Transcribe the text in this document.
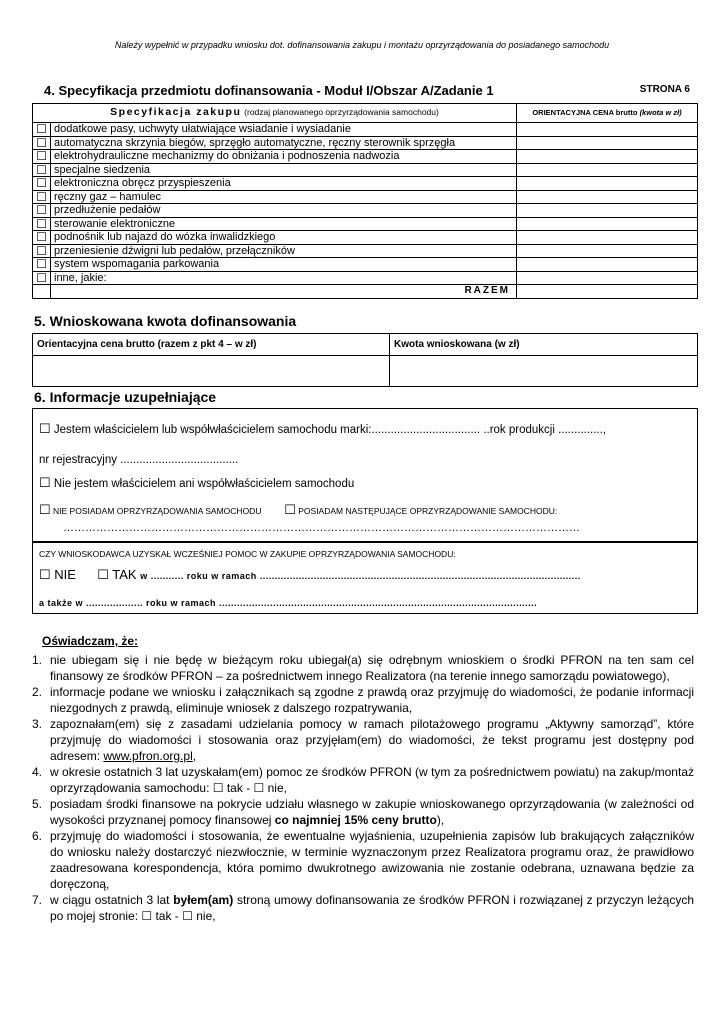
Należy wypełnić w przypadku wniosku dot. dofinansowania zakupu i montażu oprzyrządowania do posiadanego samochodu
4. Specyfikacja przedmiotu dofinansowania - Moduł I/Obszar A/Zadanie 1	STRONA 6
Specyfikacja zakupu (rodzaj planowanego oprzyrządowania samochodu)		ORIENTACYJNA CENA brutto (kwota w zł)
☐	dodatkowe pasy, uchwyty ułatwiające wsiadanie i wysiadanie	
☐	automatyczna skrzynia biegów, sprzęgło automatyczne, ręczny sterownik sprzęgła	
☐	elektrohydrauliczne mechanizmy do obniżania i podnoszenia nadwozia	
☐	specjalne siedzenia	
☐	elektroniczna obręcz przyspieszenia	
☐	ręczny gaz – hamulec	
☐	przedłużenie pedałów	
☐	sterowanie elektroniczne	
☐	podnośnik lub najazd do wózka inwalidzkiego	
☐	przeniesienie dźwigni lub pedałów, przełączników	
☐	system wspomagania parkowania	
☐	inne, jakie:	
	RAZEM	
5. Wnioskowana kwota dofinansowania
Orientacyjna cena brutto (razem z pkt 4 – w zł)	Kwota wnioskowana (w zł)

6. Informacje uzupełniające
☐ Jestem właścicielem lub współwłaścicielem samochodu marki:.................................. ..rok produkcji ..............,
nr rejestracyjny .....................................
☐ Nie jestem właścicielem ani współwłaścicielem samochodu
☐ NIE POSIADAM OPRZYRZĄDOWANIA SAMOCHODU ☐ POSIADAM NASTĘPUJĄCE OPRZYRZĄDOWANIE SAMOCHODU:
……………………………………………………………………………………………………………………………
CZY WNIOSKODAWCA UZYSKAŁ WCZEŚNIEJ POMOC W ZAKUPIE OPRZYRZĄDOWANIA SAMOCHODU:
☐ NIE ☐ TAK w ........... roku w ramach ...........................................................................................................
a także w ................... roku w ramach ..........................................................................................................
Oświadczam, że:
1. nie ubiegam się i nie będę w bieżącym roku ubiegał(a) się odrębnym wnioskiem o środki PFRON na ten sam cel finansowy ze środków PFRON – za pośrednictwem innego Realizatora (na terenie innego samorządu powiatowego),
2. informacje podane we wniosku i załącznikach są zgodne z prawdą oraz przyjmuję do wiadomości, że podanie informacji niezgodnych z prawdą, eliminuje wniosek z dalszego rozpatrywania,
3. zapoznałam(em) się z zasadami udzielania pomocy w ramach pilotażowego programu „Aktywny samorząd”, które przyjmuję do wiadomości i stosowania oraz przyjęłam(em) do wiadomości, że tekst programu jest dostępny pod adresem: www.pfron.org.pl,
4. w okresie ostatnich 3 lat uzyskałam(em) pomoc ze środków PFRON (w tym za pośrednictwem powiatu) na zakup/montaż oprzyrządowania samochodu: ☐ tak - ☐ nie,
5. posiadam środki finansowe na pokrycie udziału własnego w zakupie wnioskowanego oprzyrządowania (w zależności od wysokości przyznanej pomocy finansowej co najmniej 15% ceny brutto),
6. przyjmuję do wiadomości i stosowania, że ewentualne wyjaśnienia, uzupełnienia zapisów lub brakujących załączników do wniosku należy dostarczyć niezwłocznie, w terminie wyznaczonym przez Realizatora programu oraz, że prawidłowo zaadresowana korespondencja, która pomimo dwukrotnego awizowania nie zostanie odebrana, uznawana będzie za doręczoną,
7. w ciągu ostatnich 3 lat byłem(am) stroną umowy dofinansowania ze środków PFRON i rozwiązanej z przyczyn leżących po mojej stronie: ☐ tak - ☐ nie,
